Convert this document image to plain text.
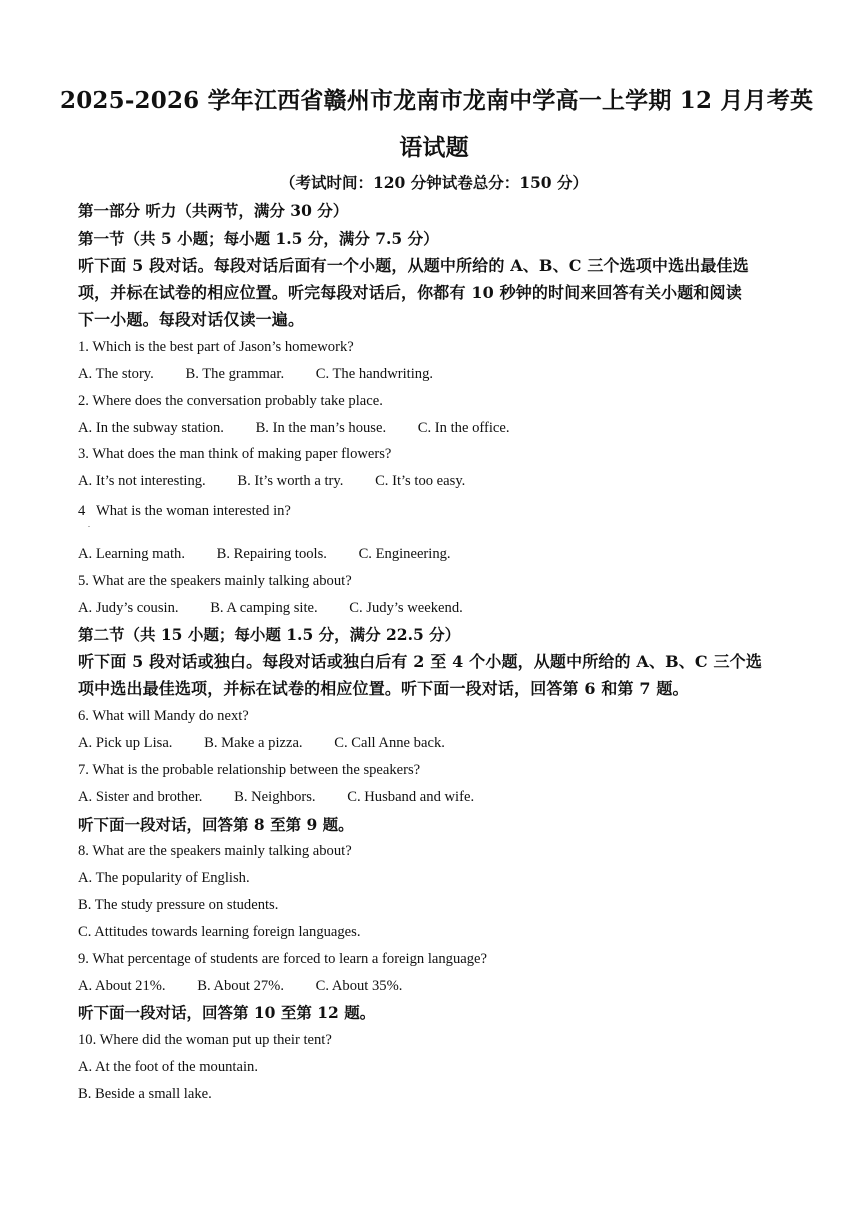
2025-2026 学年江西省赣州市龙南市龙南中学高一上学期 12 月月考英
语试题
（考试时间：120 分钟试卷总分：150 分）
第一部分 听力（共两节，满分 30 分）
第一节（共 5 小题；每小题 1.5 分，满分 7.5 分）
听下面 5 段对话。每段对话后面有一个小题，从题中所给的 A、B、C 三个选项中选出最佳选
项，并标在试卷的相应位置。听完每段对话后，你都有 10 秒钟的时间来回答有关小题和阅读
下一小题。每段对话仅读一遍。
1. Which is the best part of Jason’s homework?
A. The story. B. The grammar. C. The handwriting.
2. Where does the conversation probably take place.
A. In the subway station. B. In the man’s house. C. In the office.
3. What does the man think of making paper flowers?
A. It’s not interesting. B. It’s worth a try. C. It’s too easy.
4   What is the woman interested in?
.
A. Learning math. B. Repairing tools. C. Engineering.
5. What are the speakers mainly talking about?
A. Judy’s cousin. B. A camping site. C. Judy’s weekend.
第二节（共 15 小题；每小题 1.5 分，满分 22.5 分）
听下面 5 段对话或独白。每段对话或独白后有 2 至 4 个小题，从题中所给的 A、B、C 三个选
项中选出最佳选项，并标在试卷的相应位置。听下面一段对话，回答第 6 和第 7 题。
6. What will Mandy do next?
A. Pick up Lisa. B. Make a pizza. C. Call Anne back.
7. What is the probable relationship between the speakers?
A. Sister and brother. B. Neighbors. C. Husband and wife.
听下面一段对话，回答第 8 至第 9 题。
8. What are the speakers mainly talking about?
A. The popularity of English.
B. The study pressure on students.
C. Attitudes towards learning foreign languages.
9. What percentage of students are forced to learn a foreign language?
A. About 21%. B. About 27%. C. About 35%.
听下面一段对话，回答第 10 至第 12 题。
10. Where did the woman put up their tent?
A. At the foot of the mountain.
B. Beside a small lake.
